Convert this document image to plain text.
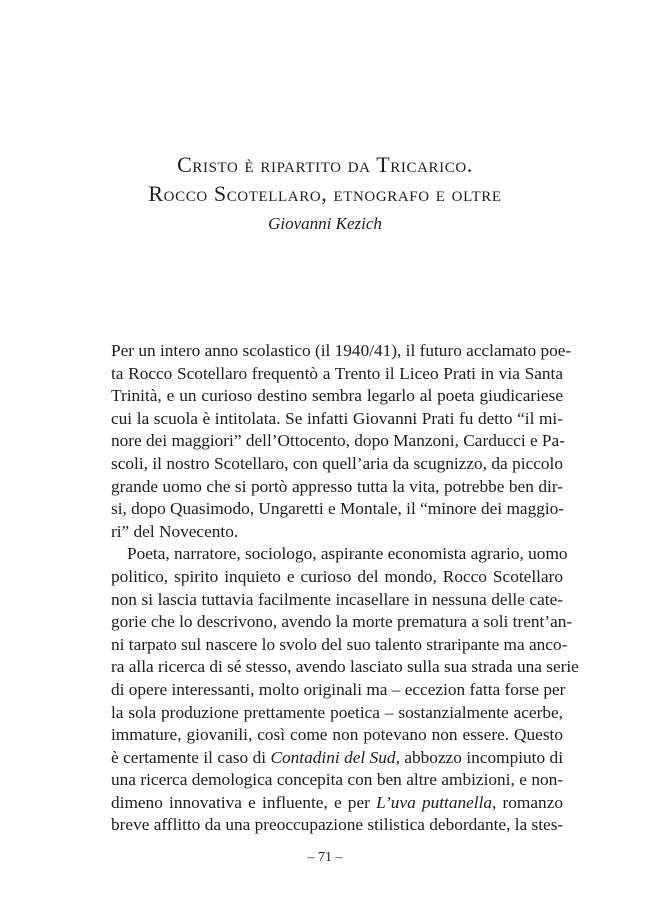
Cristo è ripartito da Tricarico.
Rocco Scotellaro, etnografo e oltre
Giovanni Kezich
Per un intero anno scolastico (il 1940/41), il futuro acclamato poe-
ta Rocco Scotellaro frequentò a Trento il Liceo Prati in via Santa
Trinità, e un curioso destino sembra legarlo al poeta giudicariese
cui la scuola è intitolata. Se infatti Giovanni Prati fu detto “il mi-
nore dei maggiori” dell’Ottocento, dopo Manzoni, Carducci e Pa-
scoli, il nostro Scotellaro, con quell’aria da scugnizzo, da piccolo
grande uomo che si portò appresso tutta la vita, potrebbe ben dir-
si, dopo Quasimodo, Ungaretti e Montale, il “minore dei maggio-
ri” del Novecento.
Poeta, narratore, sociologo, aspirante economista agrario, uomo
politico, spirito inquieto e curioso del mondo, Rocco Scotellaro
non si lascia tuttavia facilmente incasellare in nessuna delle cate-
gorie che lo descrivono, avendo la morte prematura a soli trent’an-
ni tarpato sul nascere lo svolo del suo talento straripante ma anco-
ra alla ricerca di sé stesso, avendo lasciato sulla sua strada una serie
di opere interessanti, molto originali ma – eccezion fatta forse per
la sola produzione prettamente poetica – sostanzialmente acerbe,
immature, giovanili, così come non potevano non essere. Questo
è certamente il caso di Contadini del Sud, abbozzo incompiuto di
una ricerca demologica concepita con ben altre ambizioni, e non-
dimeno innovativa e influente, e per L’uva puttanella, romanzo
breve afflitto da una preoccupazione stilistica debordante, la stes-
– 71 –
